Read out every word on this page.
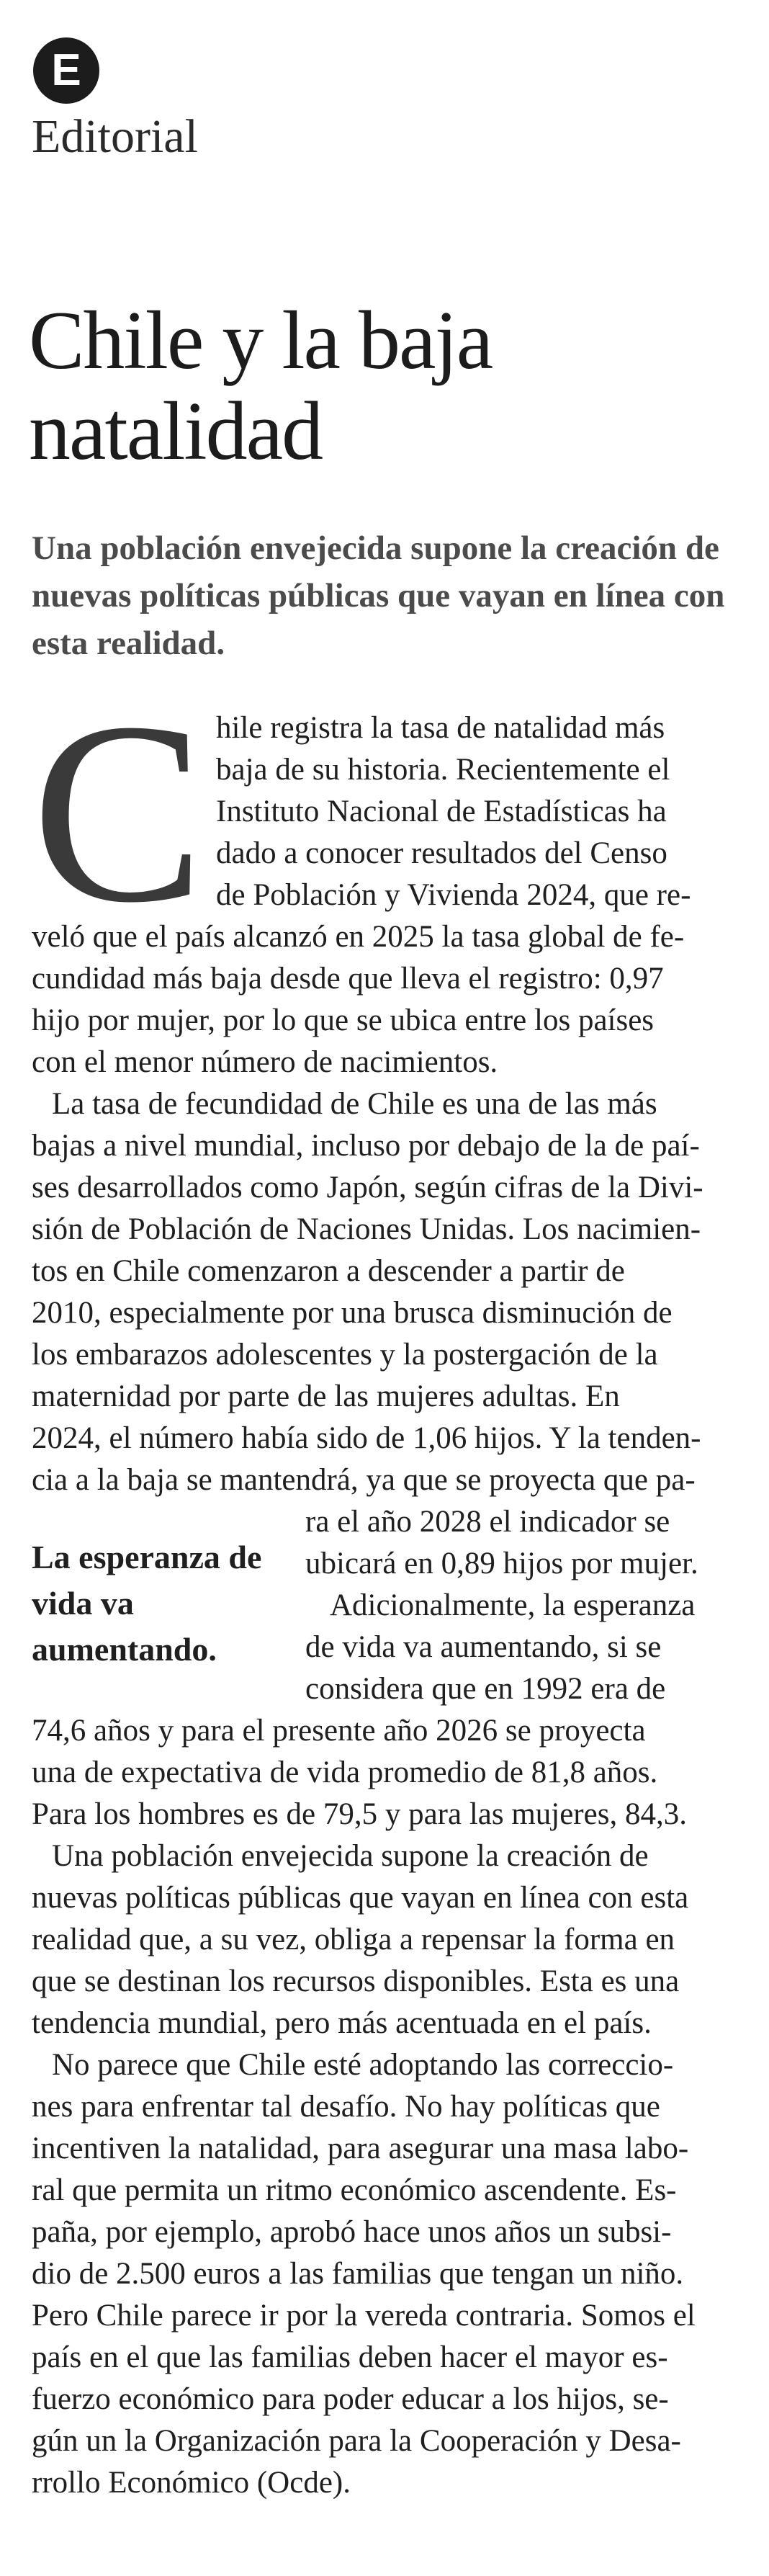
E
Editorial
Chile y la baja natalidad
Una población envejecida supone la creación de nuevas políticas públicas que vayan en línea con esta realidad.
C hile registra la tasa de natalidad más
baja de su historia. Recientemente el
Instituto Nacional de Estadísticas ha
dado a conocer resultados del Censo
de Población y Vivienda 2024, que re-
veló que el país alcanzó en 2025 la tasa global de fe-
cundidad más baja desde que lleva el registro: 0,97
hijo por mujer, por lo que se ubica entre los países
con el menor número de nacimientos.
La tasa de fecundidad de Chile es una de las más
bajas a nivel mundial, incluso por debajo de la de paí-
ses desarrollados como Japón, según cifras de la Divi-
sión de Población de Naciones Unidas. Los nacimien-
tos en Chile comenzaron a descender a partir de
2010, especialmente por una brusca disminución de
los embarazos adolescentes y la postergación de la
maternidad por parte de las mujeres adultas. En
2024, el número había sido de 1,06 hijos. Y la tenden-
cia a la baja se mantendrá, ya que se proyecta que pa-
La esperanza de vida va aumentando.
ra el año 2028 el indicador se
ubicará en 0,89 hijos por mujer.
Adicionalmente, la esperanza
de vida va aumentando, si se
considera que en 1992 era de
74,6 años y para el presente año 2026 se proyecta
una de expectativa de vida promedio de 81,8 años.
Para los hombres es de 79,5 y para las mujeres, 84,3.
Una población envejecida supone la creación de
nuevas políticas públicas que vayan en línea con esta
realidad que, a su vez, obliga a repensar la forma en
que se destinan los recursos disponibles. Esta es una
tendencia mundial, pero más acentuada en el país.
No parece que Chile esté adoptando las correccio-
nes para enfrentar tal desafío. No hay políticas que
incentiven la natalidad, para asegurar una masa labo-
ral que permita un ritmo económico ascendente. Es-
paña, por ejemplo, aprobó hace unos años un subsi-
dio de 2.500 euros a las familias que tengan un niño.
Pero Chile parece ir por la vereda contraria. Somos el
país en el que las familias deben hacer el mayor es-
fuerzo económico para poder educar a los hijos, se-
gún un la Organización para la Cooperación y Desa-
rrollo Económico (Ocde).
